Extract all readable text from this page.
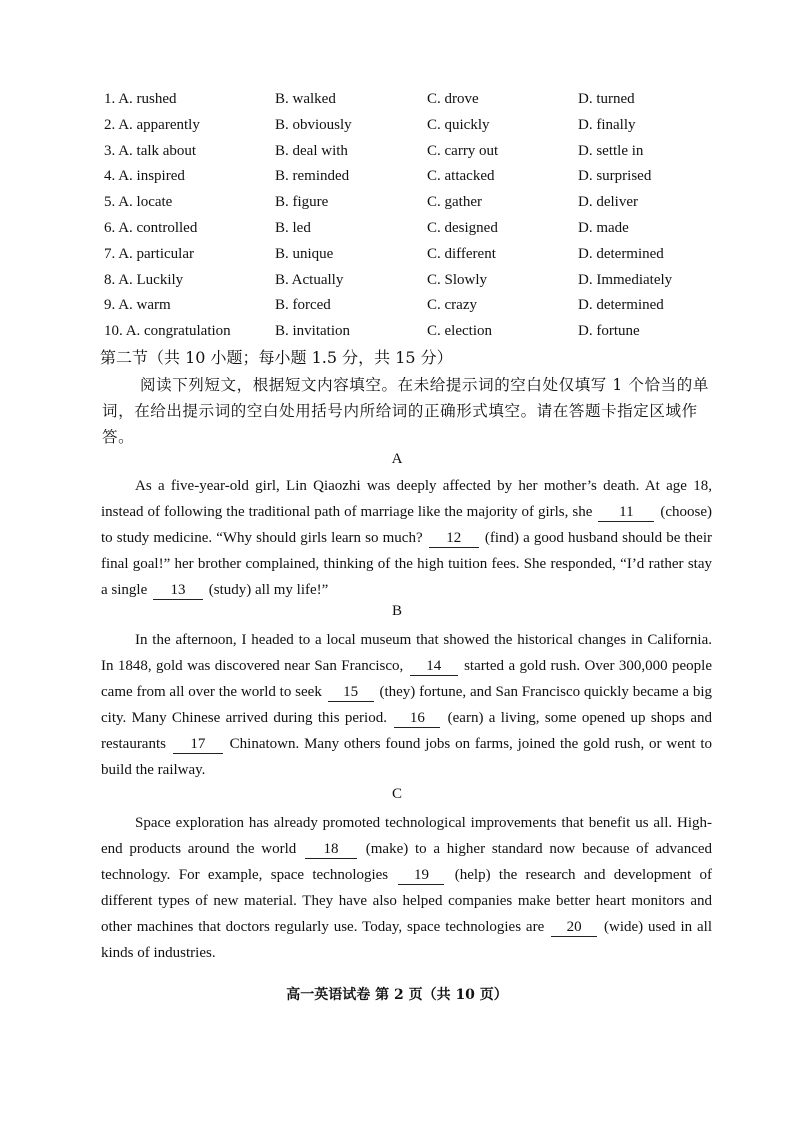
1. A. rushed	B. walked	C. drove	D. turned
2. A. apparently	B. obviously	C. quickly	D. finally
3. A. talk about	B. deal with	C. carry out	D. settle in
4. A. inspired	B. reminded	C. attacked	D. surprised
5. A. locate	B. figure	C. gather	D. deliver
6. A. controlled	B. led	C. designed	D. made
7. A. particular	B. unique	C. different	D. determined
8. A. Luckily	B. Actually	C. Slowly	D. Immediately
9. A. warm	B. forced	C. crazy	D. determined
10. A. congratulation	B. invitation	C. election	D. fortune
第二节（共 10 小题；每小题 1.5 分，共 15 分）
阅读下列短文，根据短文内容填空。在未给提示词的空白处仅填写 1 个恰当的单词，在给出提示词的空白处用括号内所给词的正确形式填空。请在答题卡指定区域作答。
A
As a five-year-old girl, Lin Qiaozhi was deeply affected by her mother’s death. At age 18, instead of following the traditional path of marriage like the majority of girls, she 11 (choose) to study medicine. “Why should girls learn so much? 12 (find) a good husband should be their final goal!” her brother complained, thinking of the high tuition fees. She responded, “I’d rather stay a single 13 (study) all my life!”
B
In the afternoon, I headed to a local museum that showed the historical changes in California. In 1848, gold was discovered near San Francisco, 14 started a gold rush. Over 300,000 people came from all over the world to seek 15 (they) fortune, and San Francisco quickly became a big city. Many Chinese arrived during this period. 16 (earn) a living, some opened up shops and restaurants 17 Chinatown. Many others found jobs on farms, joined the gold rush, or went to build the railway.
C
Space exploration has already promoted technological improvements that benefit us all. High-end products around the world 18 (make) to a higher standard now because of advanced technology. For example, space technologies 19 (help) the research and development of different types of new material. They have also helped companies make better heart monitors and other machines that doctors regularly use. Today, space technologies are 20 (wide) used in all kinds of industries.
高一英语试卷 第 2 页（共 10 页）
